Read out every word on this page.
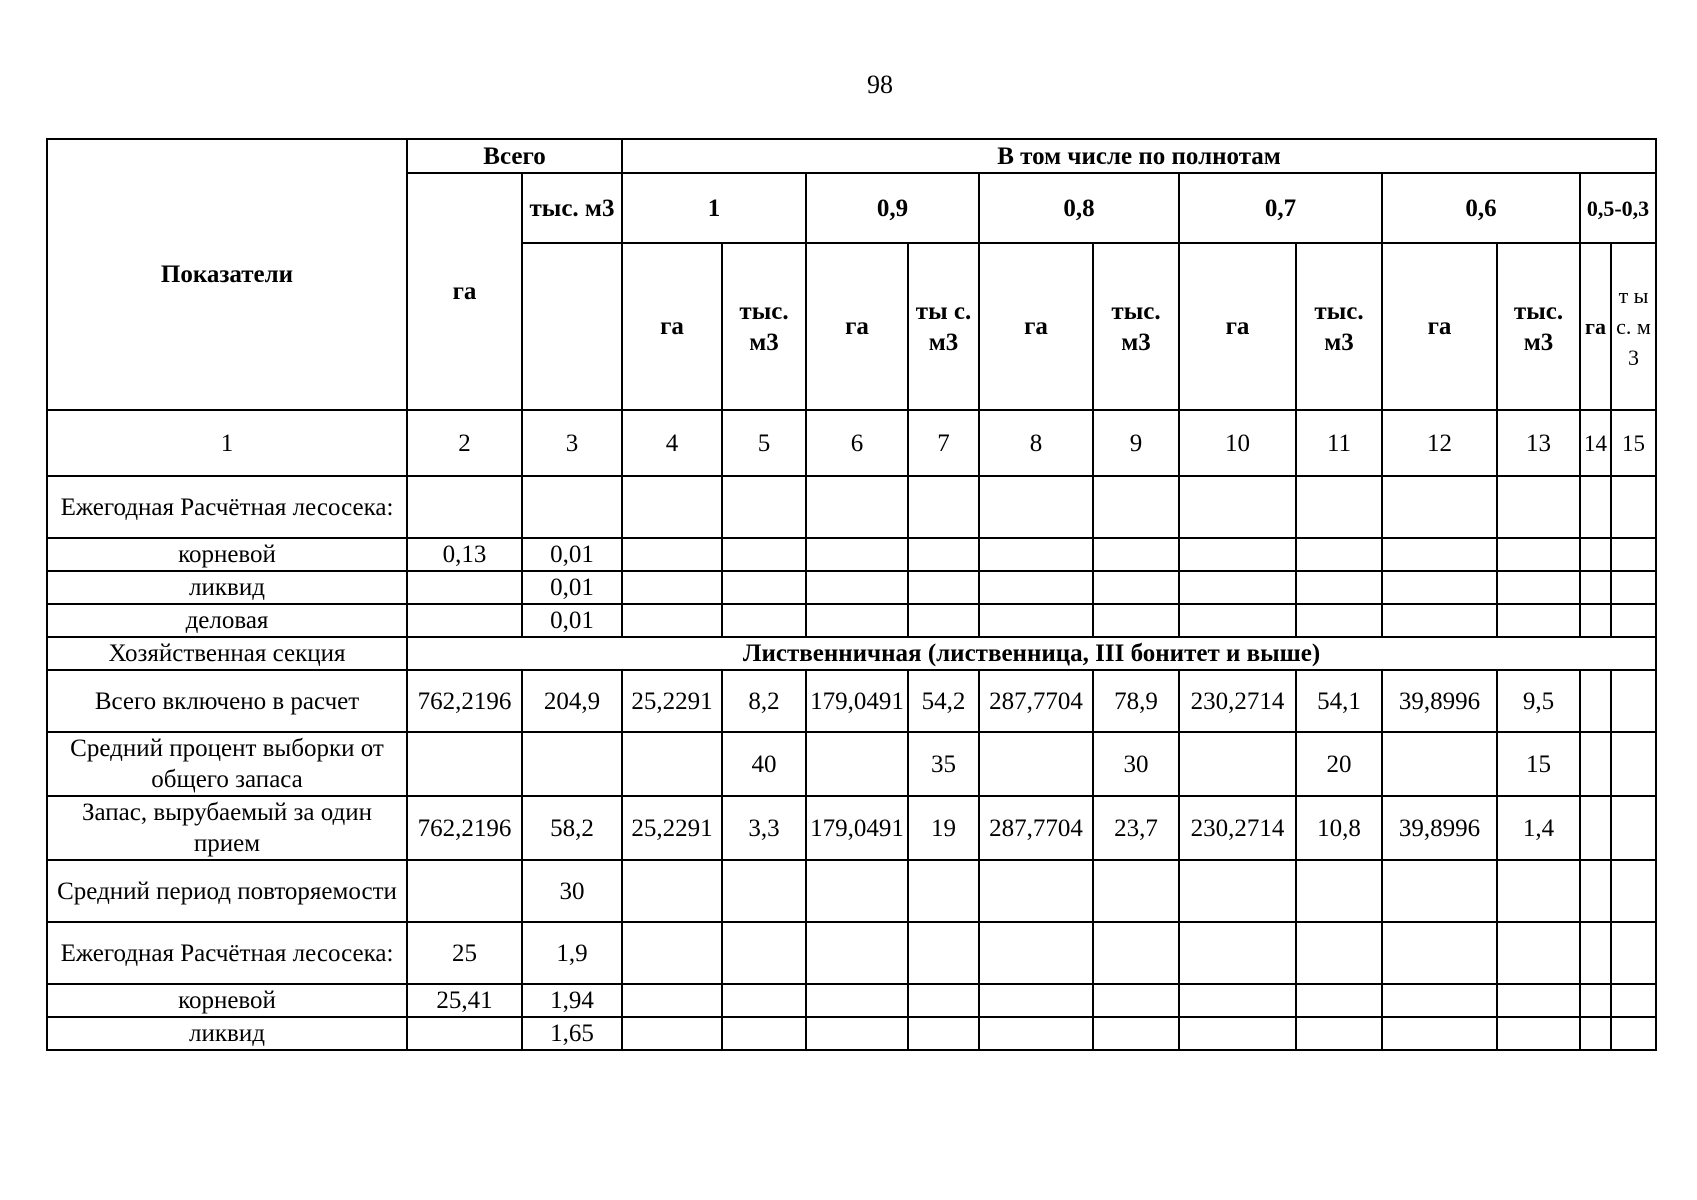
98
Показатели	Всего		В том числе по полнотам											
	га	тыс. м3	1		0,9		0,8		0,7		0,6		0,5-0,3	
			га	тыс. м3	га	ты с. м3	га	тыс. м3	га	тыс. м3	га	тыс. м3	га	т ы с. м 3
1	2	3	4	5	6	7	8	9	10	11	12	13	14	15
Ежегодная Расчётная лесосека:														
корневой	0,13	0,01												
ликвид		0,01												
деловая		0,01												
Хозяйственная секция	Лиственничная (лиственница, III бонитет и выше)													
Всего включено в расчет	762,2196	204,9	25,2291	8,2	179,0491	54,2	287,7704	78,9	230,2714	54,1	39,8996	9,5		
Средний процент выборки от общего запаса				40		35		30		20		15		
Запас, вырубаемый за один прием	762,2196	58,2	25,2291	3,3	179,0491	19	287,7704	23,7	230,2714	10,8	39,8996	1,4		
Средний период повторяемости		30												
Ежегодная Расчётная лесосека:	25	1,9												
корневой	25,41	1,94												
ликвид		1,65												
